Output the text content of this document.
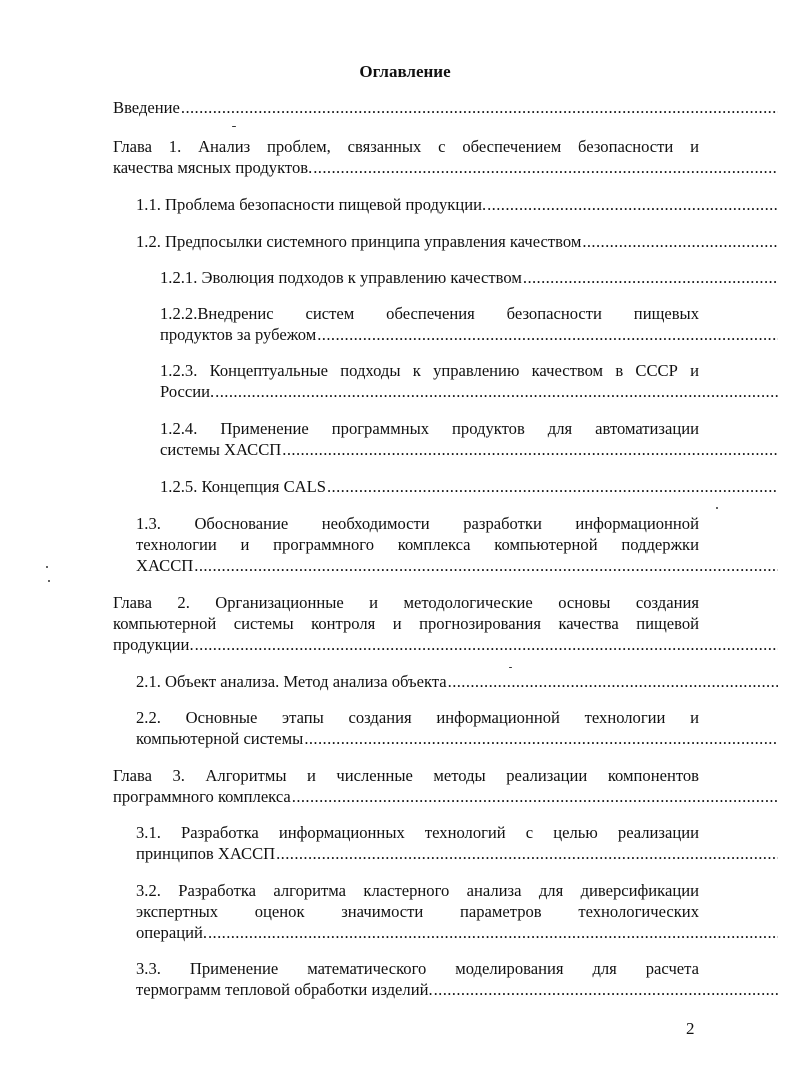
Оглавление
Введение
.....
Глава 1. Анализ проблем, связанных с обеспечением безопасности и
качества мясных продуктов.
.....
1.1. Проблема безопасности пищевой продукции.
.....
1.2. Предпосылки системного принципа управления качеством
.....
1.2.1. Эволюция подходов к управлению качеством
.....
1.2.2.Внедренис систем обеспечения безопасности пищевых
продуктов за рубежом
.....
1.2.3. Концептуальные подходы к управлению качеством в СССР и
России.
.....
1.2.4. Применение программных продуктов для автоматизации
системы ХАССП
.....
1.2.5. Концепция CALS
.....
1.3. Обоснование необходимости разработки информационной
технологии и программного комплекса компьютерной поддержки
ХАССП
.....
Глава 2. Организационные и методологические основы создания
компьютерной системы контроля и прогнозирования качества пищевой
продукции.
.....
2.1. Объект анализа. Метод анализа объекта
.....
2.2. Основные этапы создания информационной технологии и
компьютерной системы
.....
Глава 3. Алгоритмы и численные методы реализации компонентов
программного комплекса
.....
3.1. Разработка информационных технологий с целью реализации
принципов ХАССП
.....
3.2. Разработка алгоритма кластерного анализа для диверсификации
экспертных оценок значимости параметров технологических
операций.
.....
3.3. Применение математического моделирования для расчета
термограмм тепловой обработки изделий.
.....
2
